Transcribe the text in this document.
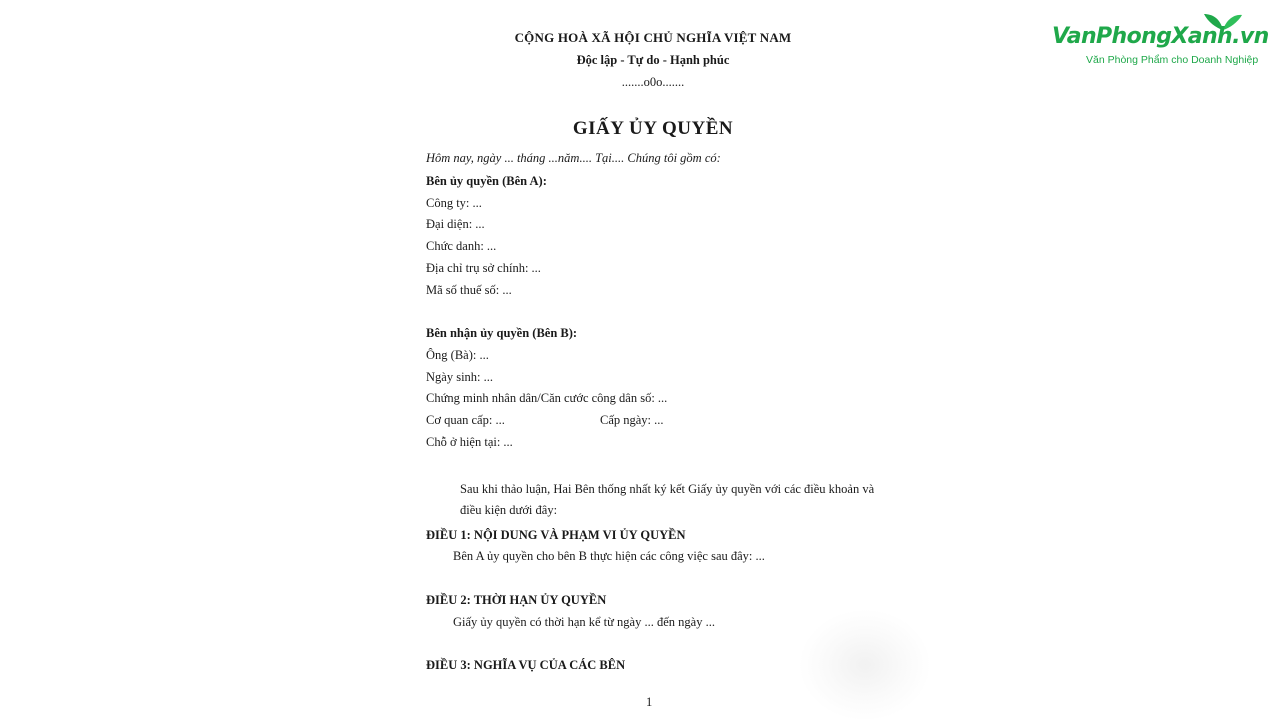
VanPhongXanh.vn
Văn Phòng Phẩm cho Doanh Nghiệp
CỘNG HOÀ XÃ HỘI CHỦ NGHĨA VIỆT NAM
Độc lập - Tự do - Hạnh phúc
.......o0o.......
GIẤY ỦY QUYỀN
Hôm nay, ngày ... tháng ...năm.... Tại.... Chúng tôi gồm có:
Bên ủy quyền (Bên A):
Công ty: ...
Đại diện: ...
Chức danh: ...
Địa chỉ trụ sở chính: ...
Mã số thuế số: ...
Bên nhận ủy quyền (Bên B):
Ông (Bà): ...
Ngày sinh: ...
Chứng minh nhân dân/Căn cước công dân số: ...
Cơ quan cấp: ...	Cấp ngày: ...
Chỗ ở hiện tại: ...
Sau khi thảo luận, Hai Bên thống nhất ký kết Giấy ủy quyền với các điều khoản và
điều kiện dưới đây:
ĐIỀU 1: NỘI DUNG VÀ PHẠM VI ỦY QUYỀN
Bên A ủy quyền cho bên B thực hiện các công việc sau đây: ...
ĐIỀU 2: THỜI HẠN ỦY QUYỀN
Giấy ủy quyền có thời hạn kể từ ngày ... đến ngày ...
ĐIỀU 3: NGHĨA VỤ CỦA CÁC BÊN
1
